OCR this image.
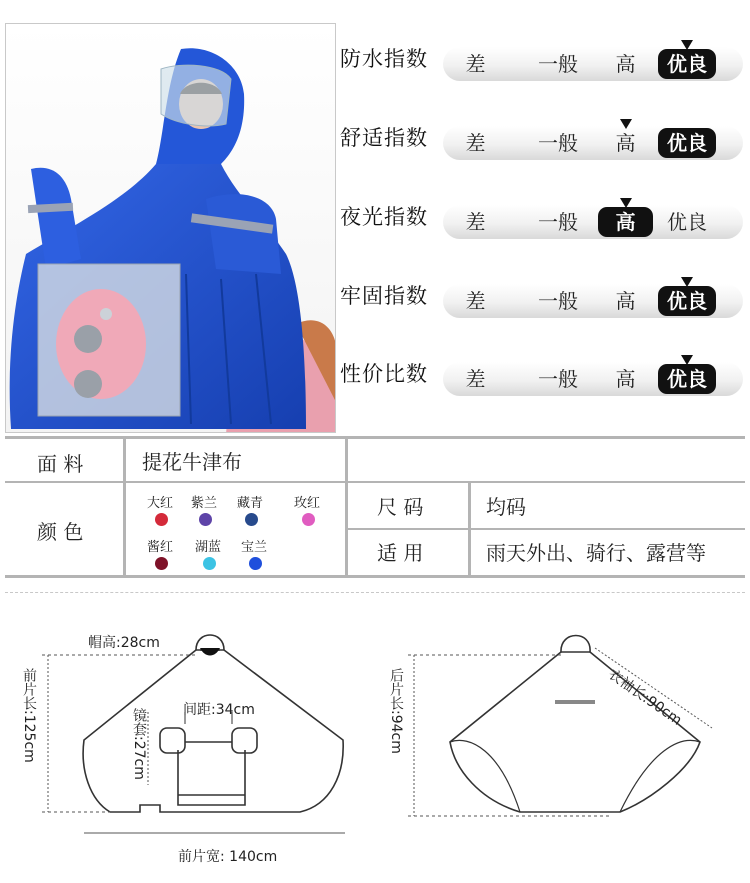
防水指数	差	一般	高	优良
舒适指数	差	一般	高	优良
夜光指数	差	一般	高	优良
牢固指数	差	一般	高	优良
性价比数	差	一般	高	优良
面 料	提花牛津布
颜 色
大红 紫兰 藏青 玫红
酱红 湖蓝 宝兰
尺 码	均码
适 用	雨天外出、骑行、露营等
帽高:28cm
前片长:125cm	间距:34cm
镜套:27cm
前片宽: 140cm
后片长:94cm	衣袖长:90cm
